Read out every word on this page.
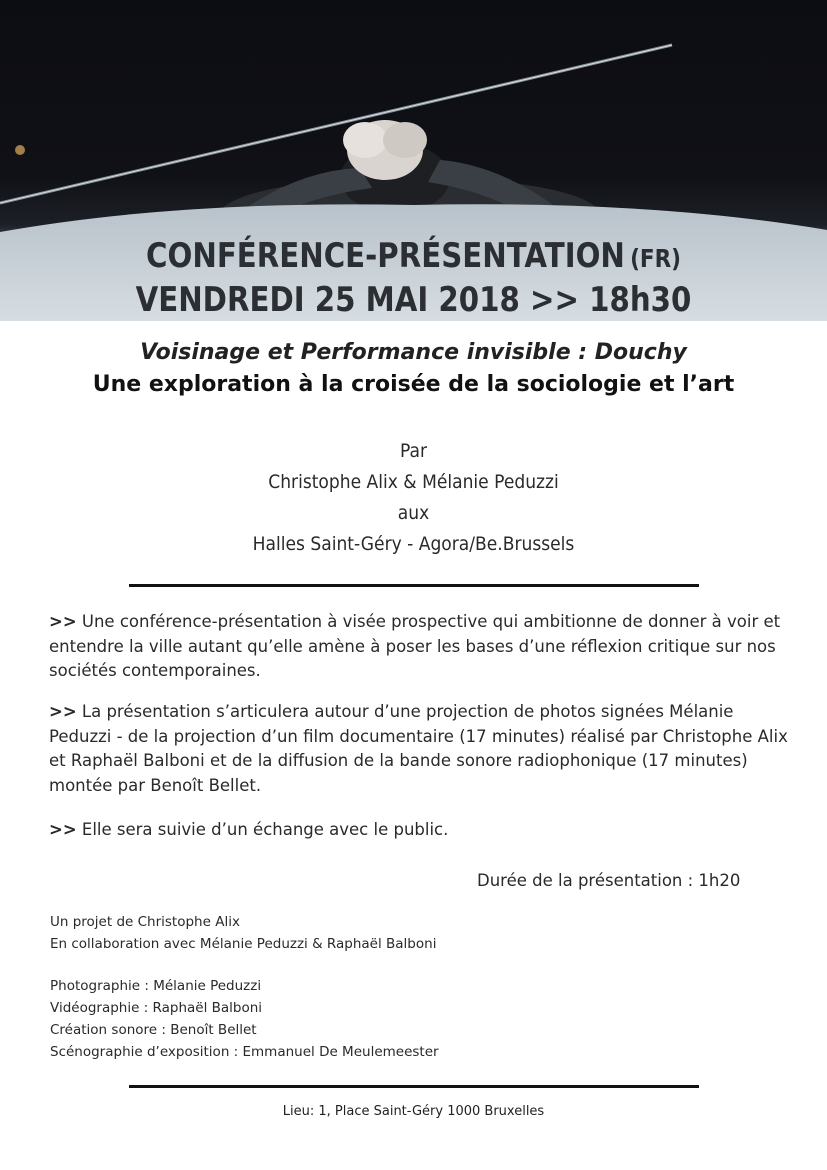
CONFÉRENCE-PRÉSENTATION (FR)
VENDREDI 25 MAI 2018 >> 18h30
Voisinage et Performance invisible : Douchy
Une exploration à la croisée de la sociologie et l’art
Par
Christophe Alix & Mélanie Peduzzi
aux
Halles Saint-Géry - Agora/Be.Brussels
>> Une conférence-présentation à visée prospective qui ambitionne de donner à voir et entendre la ville autant qu’elle amène à poser les bases d’une réflexion critique sur nos sociétés contemporaines.
>> La présentation s’articulera autour d’une projection de photos signées Mélanie Peduzzi - de la projection d’un film documentaire (17 minutes) réalisé par Christophe Alix et Raphaël Balboni et de la diffusion de la bande sonore radiophonique (17 minutes) montée par Benoît Bellet.
>> Elle sera suivie d’un échange avec le public.
Durée de la présentation : 1h20
Un projet de Christophe Alix
En collaboration avec Mélanie Peduzzi & Raphaël Balboni
Photographie : Mélanie Peduzzi
Vidéographie : Raphaël Balboni
Création sonore : Benoît Bellet
Scénographie d’exposition : Emmanuel De Meulemeester
Lieu: 1, Place Saint-Géry 1000 Bruxelles
